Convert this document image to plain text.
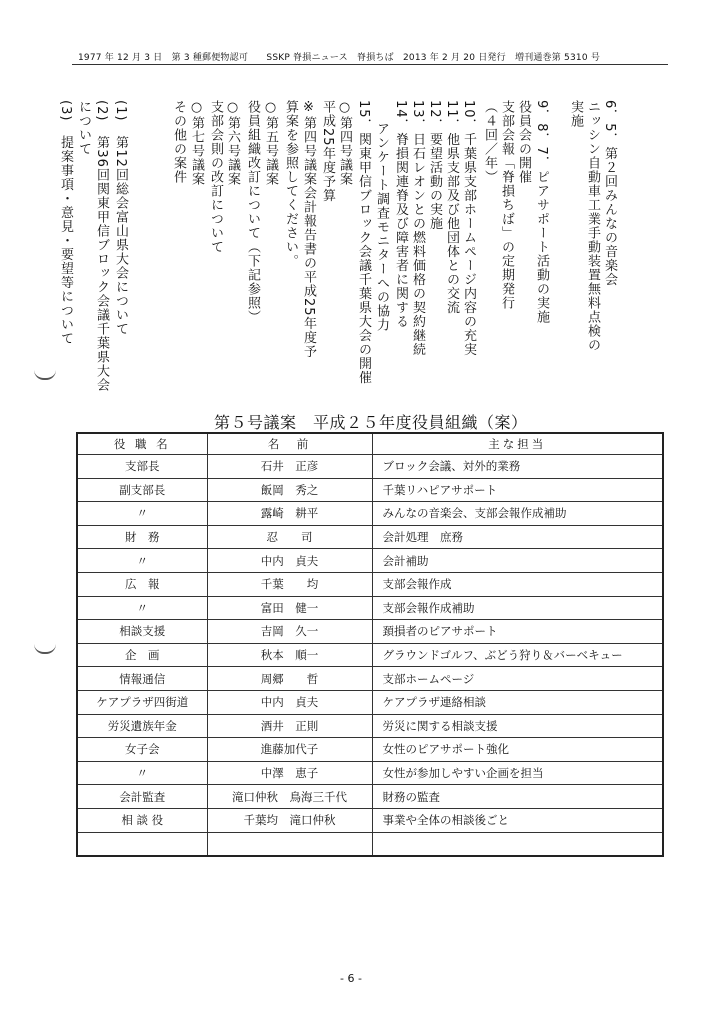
1977 年 12 月 3 日　第 3 種郵便物認可　　SSKP 脊損ニュース　脊損ちば　2013 年 2 月 20 日発行　増刊通巻第 5310 号
6．5．第２回みんなの音楽会
ニッシン自動車工業手動装置無料点検の
実施
9．8．7．ピアサポート活動の実施
役員会の開催
支部会報「脊損ちば」の定期発行
（４回／年）
10．千葉県支部ホームページ内容の充実
11．他県支部及び他団体との交流
12．要望活動の実施
13．日石レオンとの燃料価格の契約継続
14．脊損関連脊及び障害者に関する
アンケート調査モニターへの協力
15．関東甲信ブロック会議千葉県大会の開催
○第四号議案
平成25年度予算
※第四号議案会計報告書の平成25年度予
算案を参照してください。
○第五号議案
役員組織改訂について（下記参照）
○第六号議案
支部会則の改訂について
○第七号議案
その他の案件
(1)　第12回総会富山県大会について
(2)　第36回関東甲信ブロック会議千葉県大会
について
(3)　提案事項・意見・要望等について
第５号議案　平成２５年度役員組織（案）
役 職 名	名　前	主な担当
支部長	石井　正彦	ブロック会議、対外的業務
副支部長	飯岡　秀之	千葉リハピアサポート
〃	露崎　耕平	みんなの音楽会、支部会報作成補助
財　務	忍　　司	会計処理　庶務
〃	中内　貞夫	会計補助
広　報	千葉　　均	支部会報作成
〃	富田　健一	支部会報作成補助
相談支援	吉岡　久一	頚損者のピアサポート
企　画	秋本　順一	グラウンドゴルフ、ぶどう狩り＆バーベキュー
情報通信	周郷　　哲	支部ホームページ
ケアプラザ四街道	中内　貞夫	ケアプラザ連絡相談
労災遺族年金	酒井　正則	労災に関する相談支援
女子会	進藤加代子	女性のピアサポート強化
〃	中澤　恵子	女性が参加しやすい企画を担当
会計監査	滝口仲秋　鳥海三千代	財務の監査
相 談 役	千葉均　滝口仲秋	事業や全体の相談後ごと

- 6 -
